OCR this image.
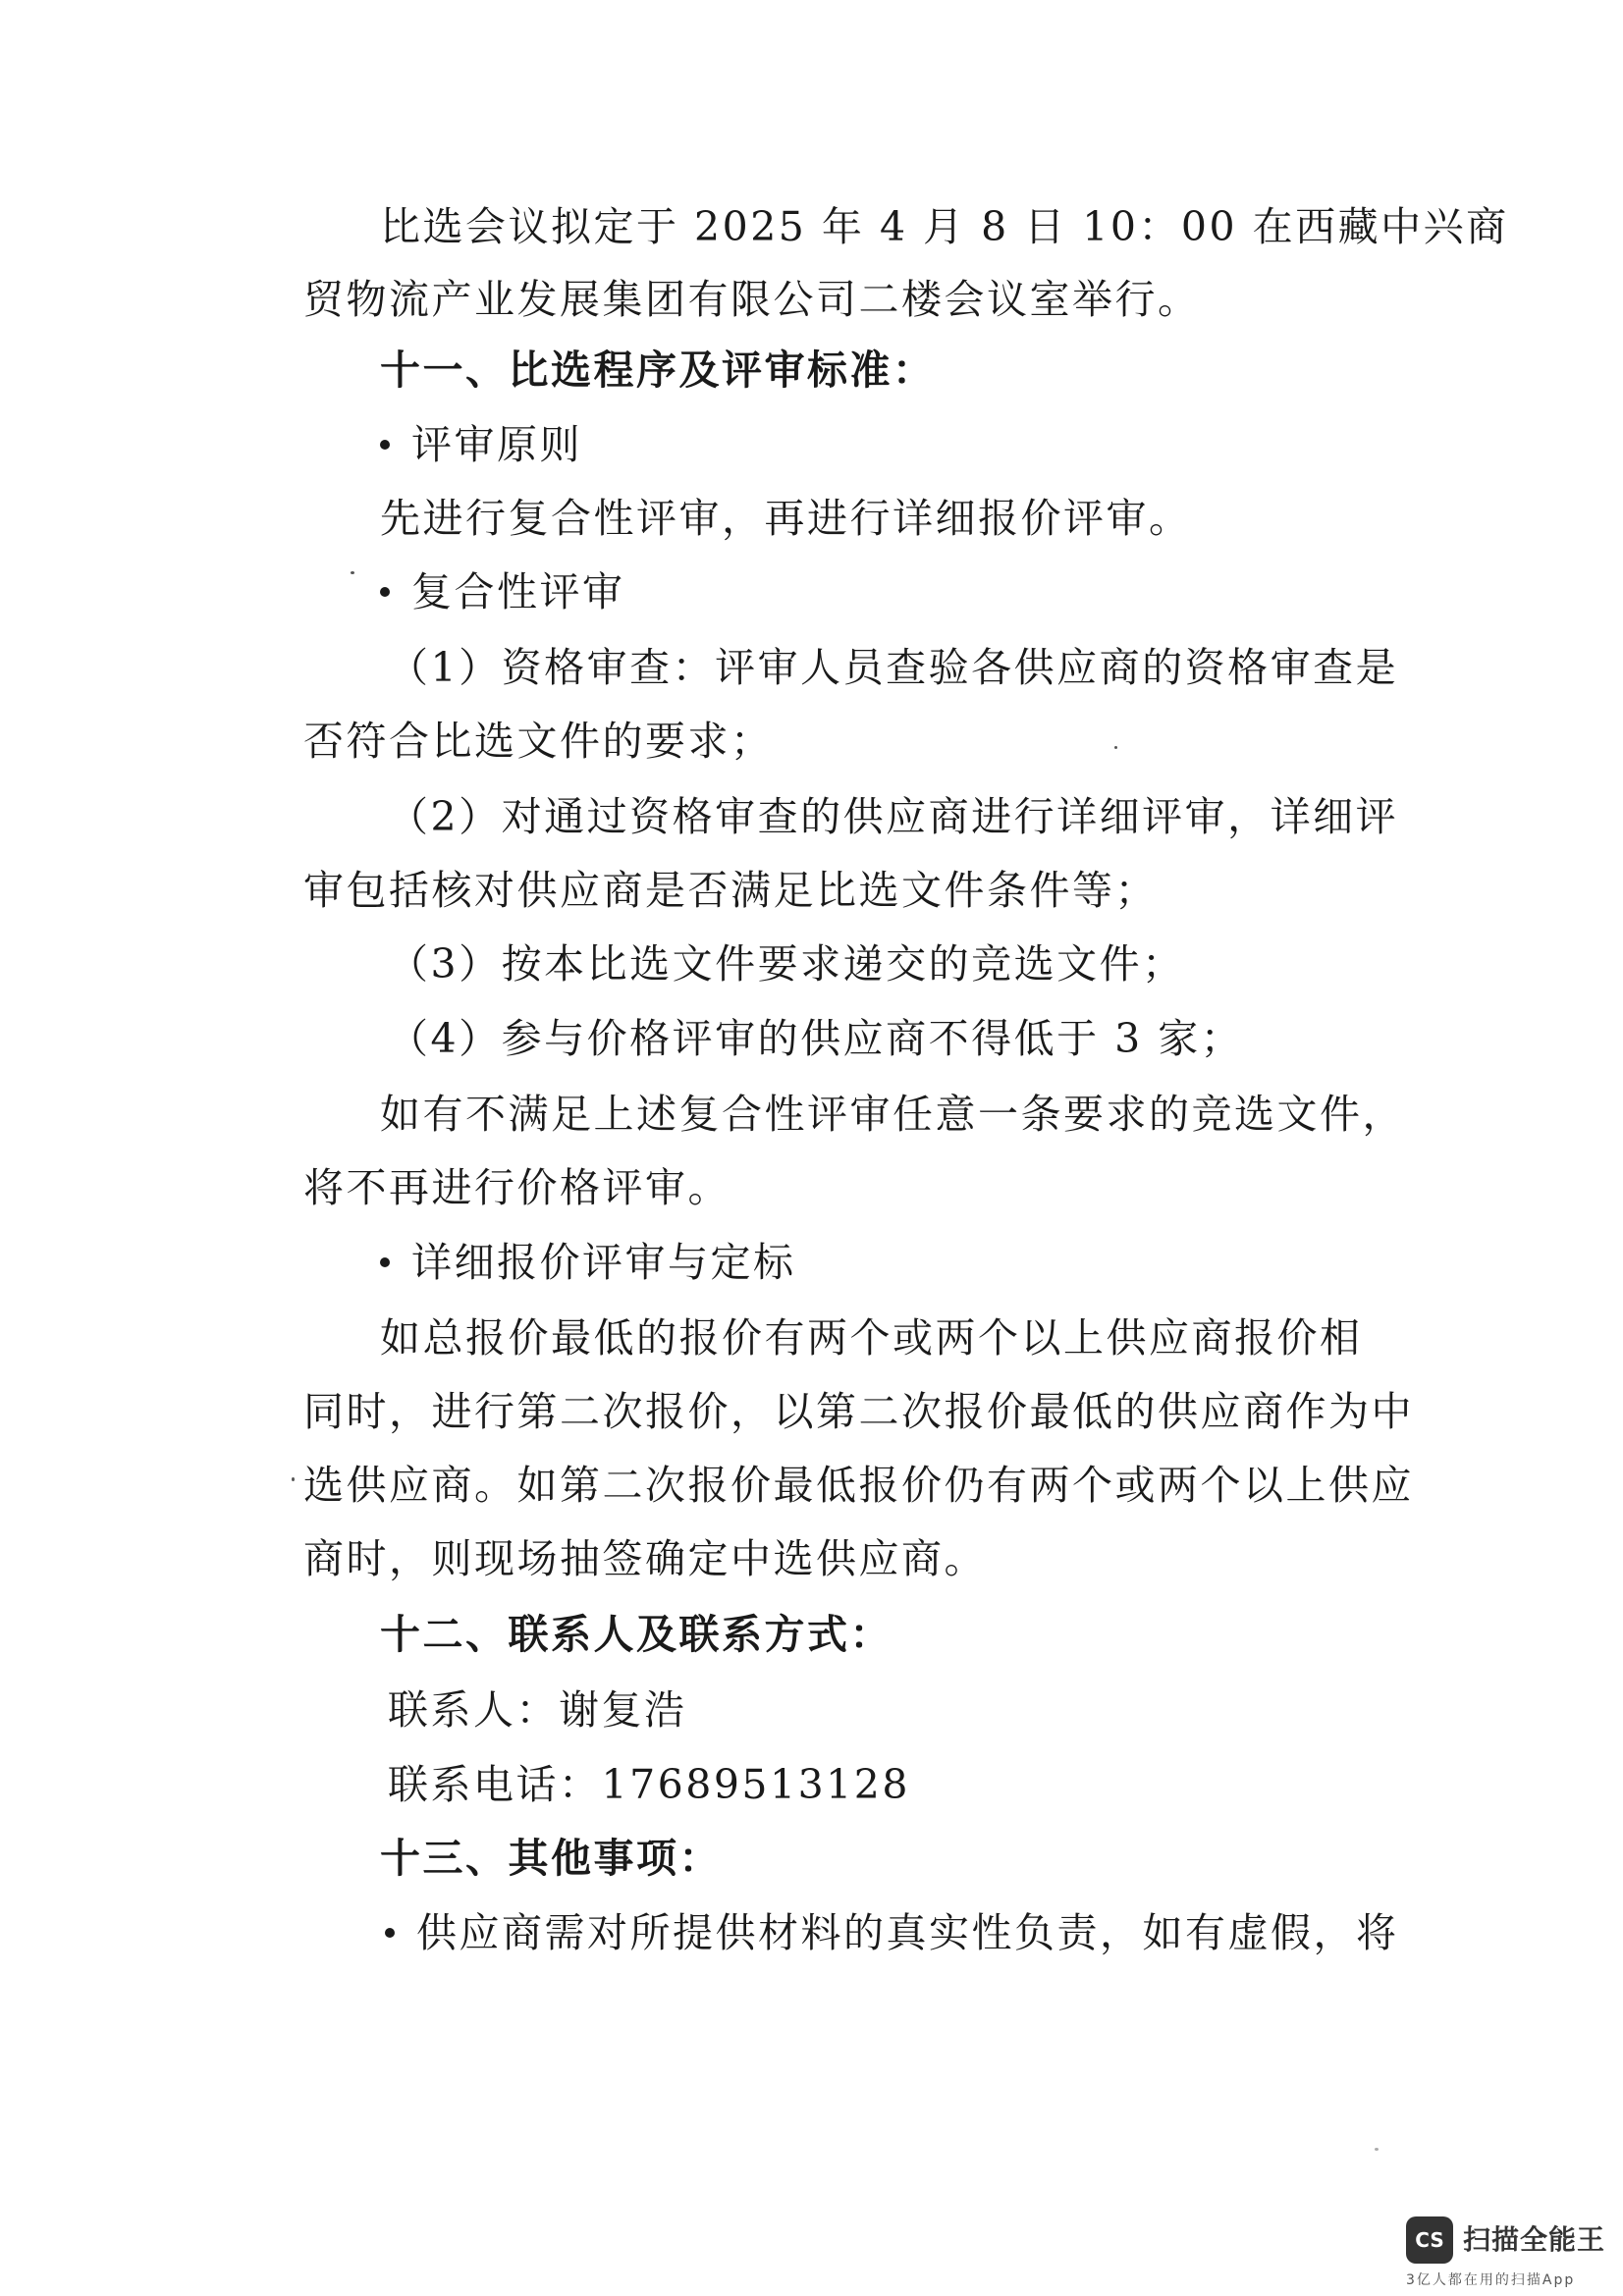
比选会议拟定于 2025 年 4 月 8 日 10：00 在西藏中兴商
贸物流产业发展集团有限公司二楼会议室举行。
十一、比选程序及评审标准：
评审原则
先进行复合性评审，再进行详细报价评审。
复合性评审
（1）资格审查：评审人员查验各供应商的资格审查是
否符合比选文件的要求；
（2）对通过资格审查的供应商进行详细评审，详细评
审包括核对供应商是否满足比选文件条件等；
（3）按本比选文件要求递交的竞选文件；
（4）参与价格评审的供应商不得低于 3 家；
如有不满足上述复合性评审任意一条要求的竞选文件，
将不再进行价格评审。
详细报价评审与定标
如总报价最低的报价有两个或两个以上供应商报价相
同时，进行第二次报价，以第二次报价最低的供应商作为中
选供应商。如第二次报价最低报价仍有两个或两个以上供应
商时，则现场抽签确定中选供应商。
十二、联系人及联系方式：
联系人：谢复浩
联系电话：17689513128
十三、其他事项：
供应商需对所提供材料的真实性负责，如有虚假，将
CS 扫描全能王
3亿人都在用的扫描App
